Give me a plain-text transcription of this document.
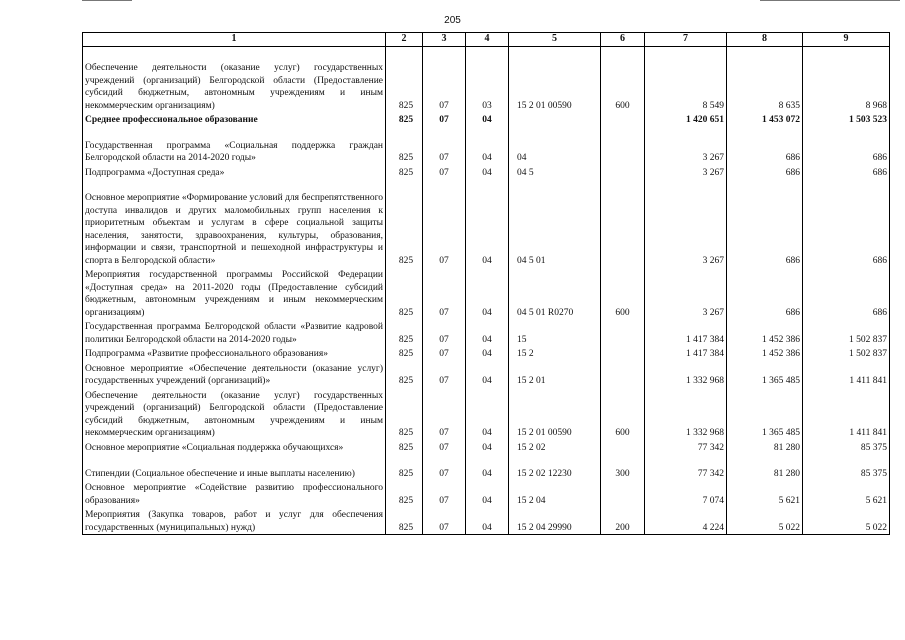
205
1	2	3	4	5	6	7	8	9
Обеспечение деятельности (оказание услуг) государственных учреждений (организаций) Белгородской области (Предоставление субсидий бюджетным, автономным учреждениям и иным некоммерческим организациям)	825	07	03	15 2 01 00590	600	8 549	8 635	8 968
Среднее профессиональное образование	825	07	04			1 420 651	1 453 072	1 503 523
Государственная программа «Социальная поддержка граждан Белгородской области на 2014-2020 годы»	825	07	04	04		3 267	686	686
Подпрограмма «Доступная среда»	825	07	04	04 5		3 267	686	686
Основное мероприятие «Формирование условий для беспрепятственного доступа инвалидов и других маломобильных групп населения к приоритетным объектам и услугам в сфере социальной защиты населения, занятости, здравоохранения, культуры, образования, информации и связи, транспортной и пешеходной инфраструктуры и спорта в Белгородской области»	825	07	04	04 5 01		3 267	686	686
Мероприятия государственной программы Российской Федерации «Доступная среда» на 2011-2020 годы (Предоставление субсидий бюджетным, автономным учреждениям и иным некоммерческим организациям)	825	07	04	04 5 01 R0270	600	3 267	686	686
Государственная программа Белгородской области «Развитие кадровой политики Белгородской области на 2014-2020 годы»	825	07	04	15		1 417 384	1 452 386	1 502 837
Подпрограмма «Развитие профессионального образования»	825	07	04	15 2		1 417 384	1 452 386	1 502 837
Основное мероприятие «Обеспечение деятельности (оказание услуг) государственных учреждений (организаций)»	825	07	04	15 2 01		1 332 968	1 365 485	1 411 841
Обеспечение деятельности (оказание услуг) государственных учреждений (организаций) Белгородской области (Предоставление субсидий бюджетным, автономным учреждениям и иным некоммерческим организациям)	825	07	04	15 2 01 00590	600	1 332 968	1 365 485	1 411 841
Основное мероприятие «Социальная поддержка обучающихся»	825	07	04	15 2 02		77 342	81 280	85 375
Стипендии (Социальное обеспечение и иные выплаты населению)	825	07	04	15 2 02 12230	300	77 342	81 280	85 375
Основное мероприятие «Содействие развитию профессионального образования»	825	07	04	15 2 04		7 074	5 621	5 621
Мероприятия (Закупка товаров, работ и услуг для обеспечения государственных (муниципальных) нужд)	825	07	04	15 2 04 29990	200	4 224	5 022	5 022
